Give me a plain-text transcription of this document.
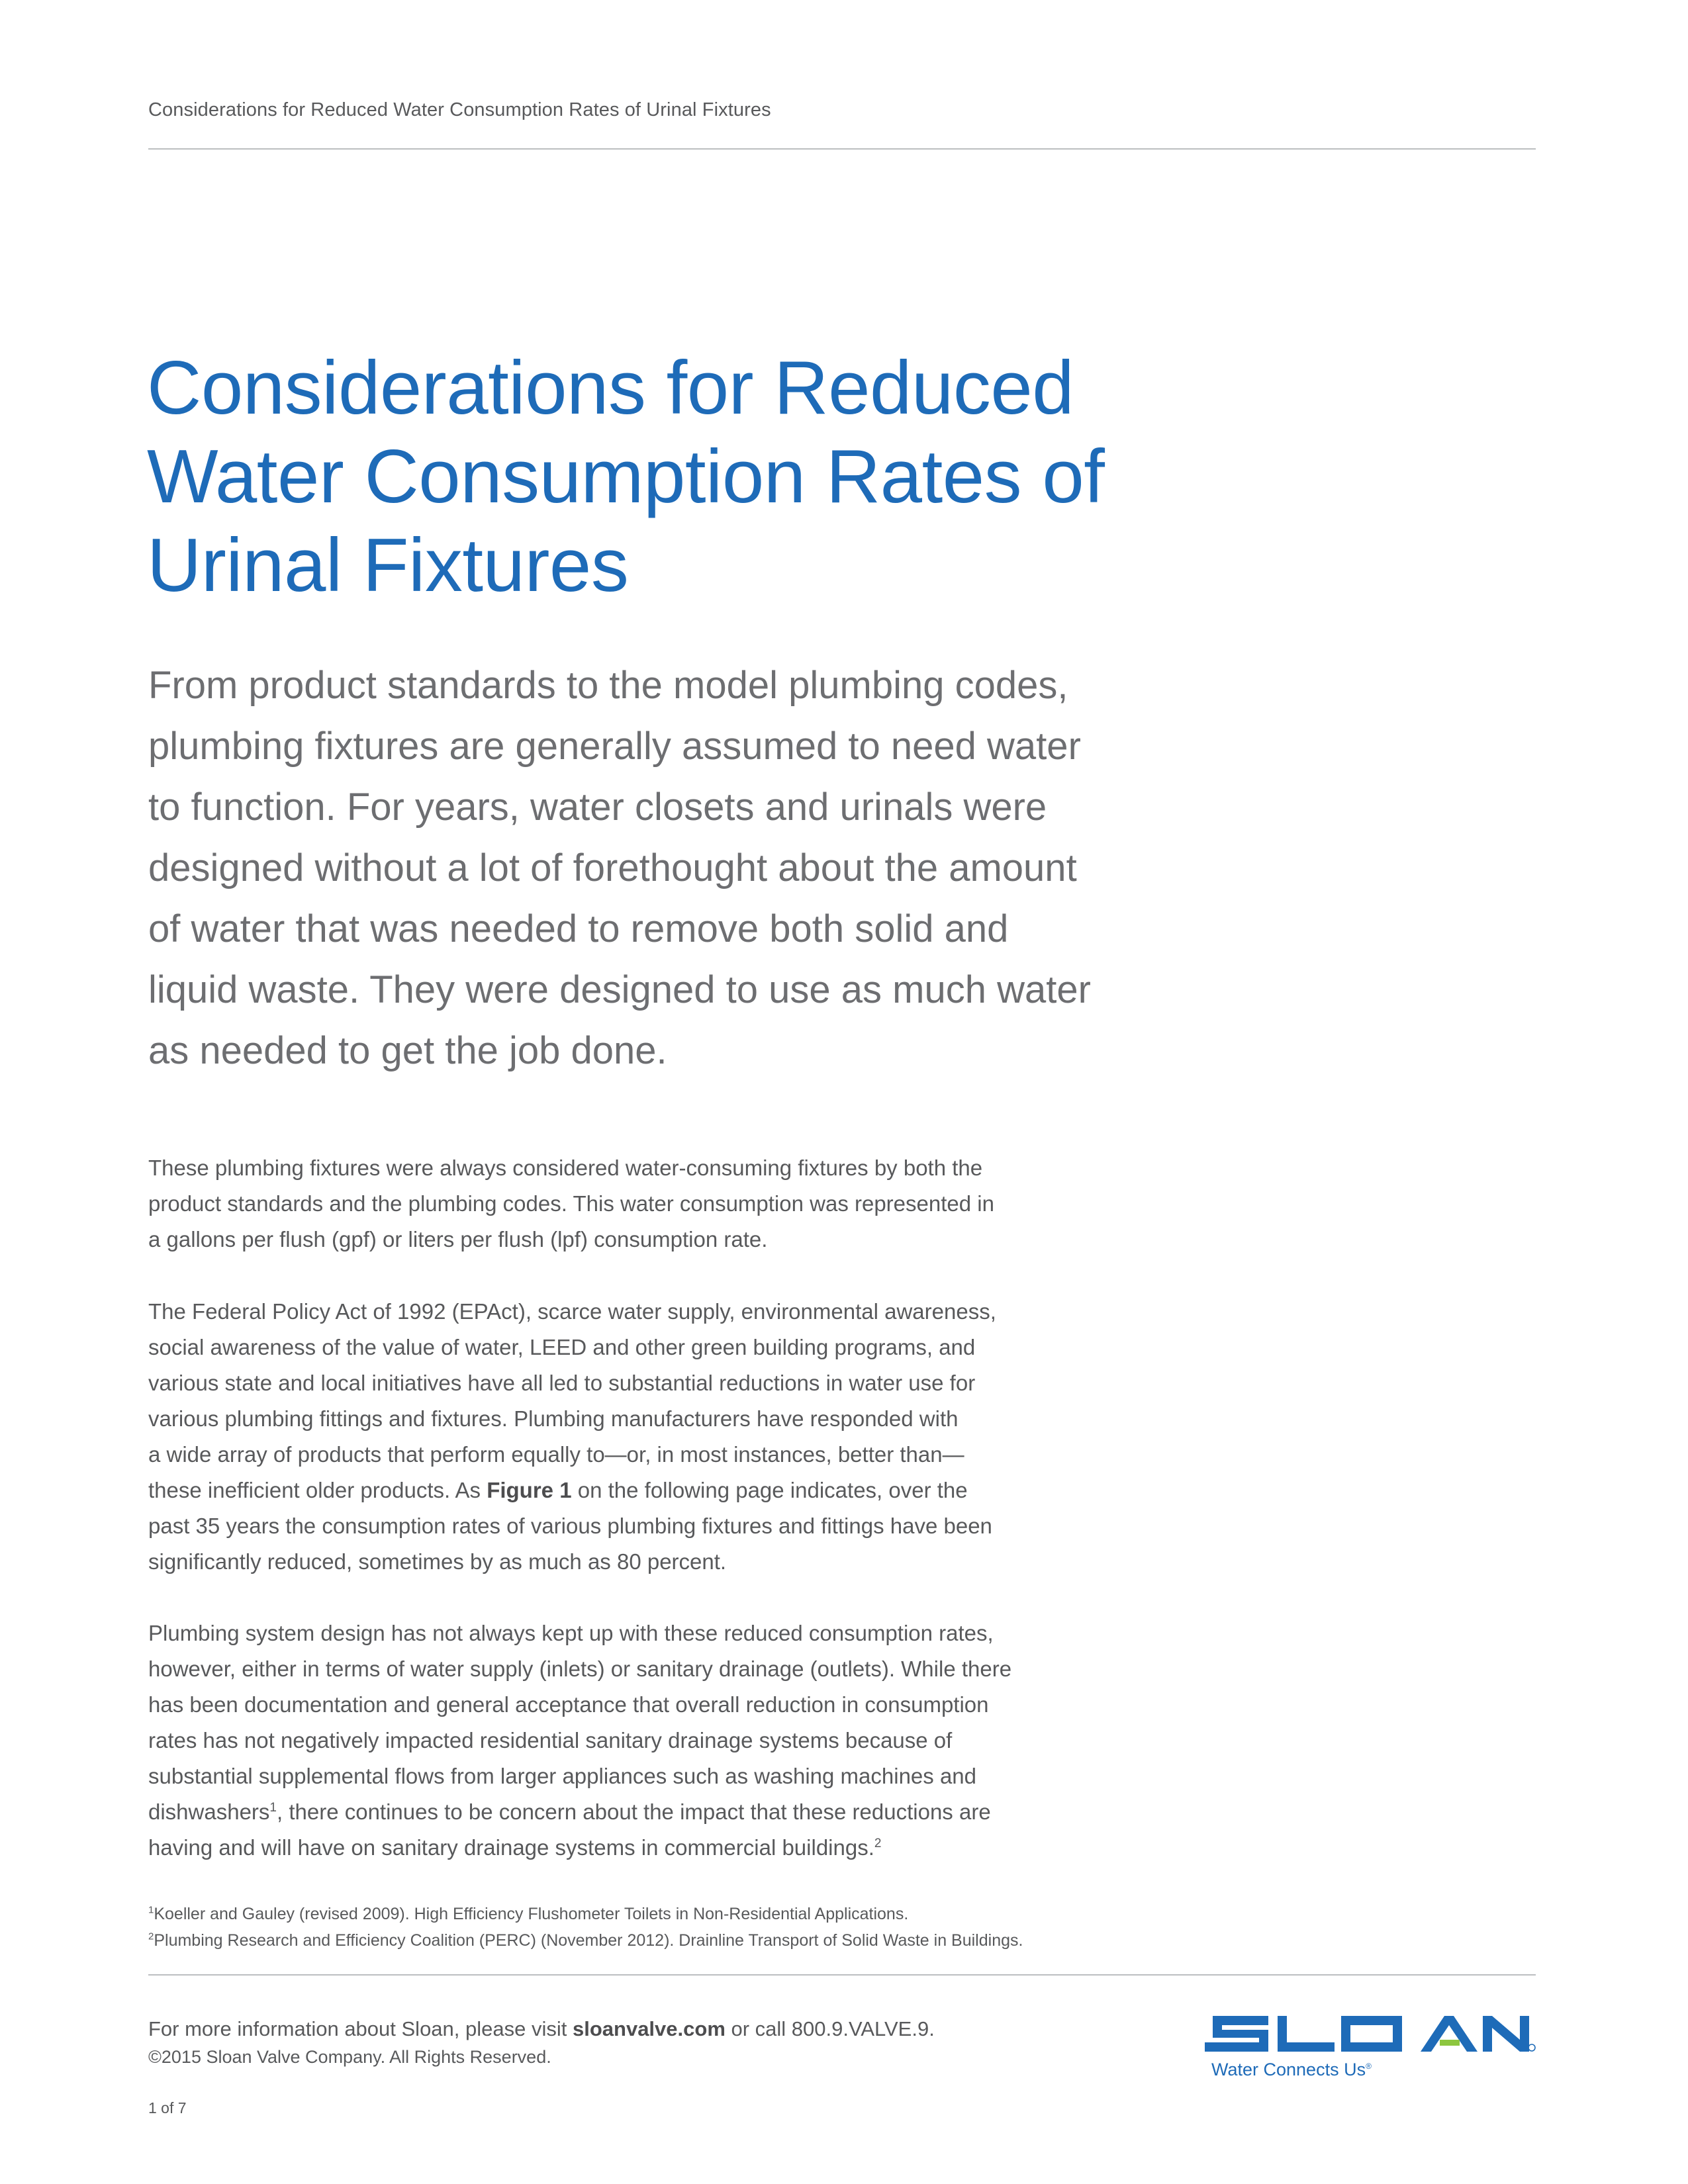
Considerations for Reduced Water Consumption Rates of Urinal Fixtures
Considerations for Reduced
Water Consumption Rates of
Urinal Fixtures
From product standards to the model plumbing codes,
plumbing fixtures are generally assumed to need water
to function. For years, water closets and urinals were
designed without a lot of forethought about the amount
of water that was needed to remove both solid and
liquid waste. They were designed to use as much water
as needed to get the job done.
These plumbing fixtures were always considered water-consuming fixtures by both the
product standards and the plumbing codes. This water consumption was represented in
a gallons per flush (gpf) or liters per flush (lpf) consumption rate.
The Federal Policy Act of 1992 (EPAct), scarce water supply, environmental awareness,
social awareness of the value of water, LEED and other green building programs, and
various state and local initiatives have all led to substantial reductions in water use for
various plumbing fittings and fixtures. Plumbing manufacturers have responded with
a wide array of products that perform equally to—or, in most instances, better than—
these inefficient older products. As Figure 1 on the following page indicates, over the
past 35 years the consumption rates of various plumbing fixtures and fittings have been
significantly reduced, sometimes by as much as 80 percent.
Plumbing system design has not always kept up with these reduced consumption rates,
however, either in terms of water supply (inlets) or sanitary drainage (outlets). While there
has been documentation and general acceptance that overall reduction in consumption
rates has not negatively impacted residential sanitary drainage systems because of
substantial supplemental flows from larger appliances such as washing machines and
dishwashers$^1$, there continues to be concern about the impact that these reductions are
having and will have on sanitary drainage systems in commercial buildings.$^2$
$^1$Koeller and Gauley (revised 2009). High Efficiency Flushometer Toilets in Non-Residential Applications.
$^2$Plumbing Research and Efficiency Coalition (PERC) (November 2012). Drainline Transport of Solid Waste in Buildings.
For more information about Sloan, please visit sloanvalve.com or call 800.9.VALVE.9.
©2015 Sloan Valve Company. All Rights Reserved.
1 of 7
Water Connects Us®
